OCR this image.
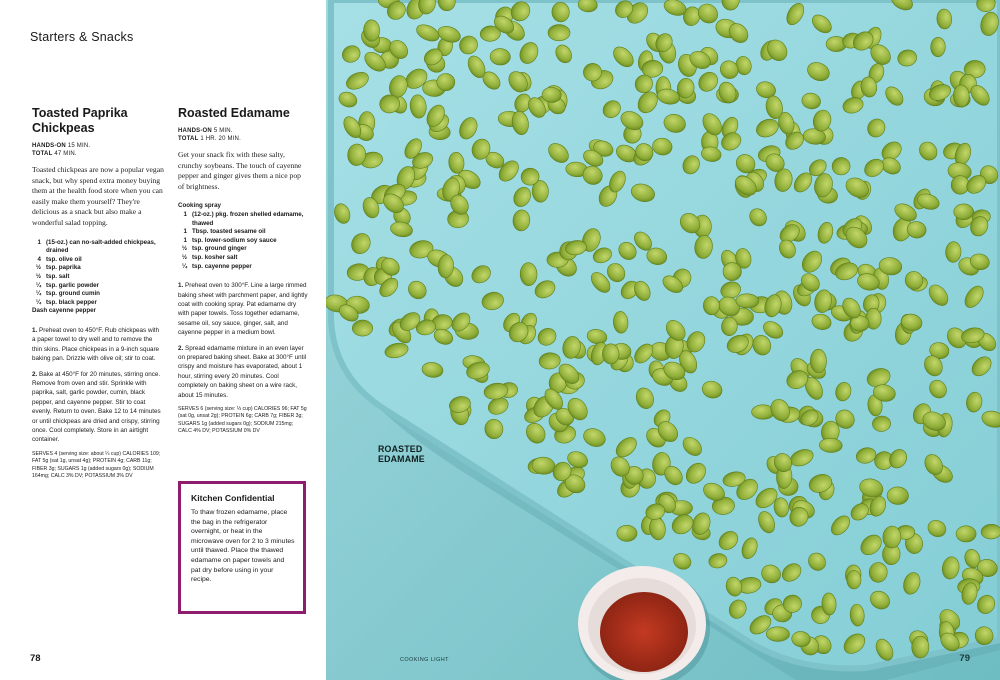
Starters & Snacks
Toasted Paprika Chickpeas
HANDS-ON 15 MIN.
TOTAL 47 MIN.

Toasted chickpeas are now a popular vegan snack, but why spend extra money buying them at the health food store when you can easily make them yourself? They're delicious as a snack but also make a wonderful salad topping.

1 (15-oz.) can no-salt-added chickpeas, drained
4 tsp. olive oil
½ tsp. paprika
½ tsp. salt
¼ tsp. garlic powder
¼ tsp. ground cumin
¼ tsp. black pepper
Dash cayenne pepper

1. Preheat oven to 450°F. Rub chickpeas with a paper towel to dry well and to remove the thin skins. Place chickpeas in a 9-inch square baking pan. Drizzle with olive oil; stir to coat.

2. Bake at 450°F for 20 minutes, stirring once. Remove from oven and stir. Sprinkle with paprika, salt, garlic powder, cumin, black pepper, and cayenne pepper. Stir to coat evenly. Return to oven. Bake 12 to 14 minutes or until chickpeas are dried and crispy, stirring once. Cool completely. Store in an airtight container.

SERVES 4 (serving size: about ¼ cup) CALORIES 109; FAT 5g (sat 1g, unsat 4g); PROTEIN 4g; CARB 11g; FIBER 3g; SUGARS 1g (added sugars 0g); SODIUM 164mg; CALC 3% DV; POTASSIUM 3% DV

Roasted Edamame
HANDS-ON 5 MIN.
TOTAL 1 HR. 20 MIN.

Get your snack fix with these salty, crunchy soybeans. The touch of cayenne pepper and ginger gives them a nice pop of brightness.

Cooking spray
1 (12-oz.) pkg. frozen shelled edamame, thawed
1 Tbsp. toasted sesame oil
1 tsp. lower-sodium soy sauce
½ tsp. ground ginger
½ tsp. kosher salt
¼ tsp. cayenne pepper

1. Preheat oven to 300°F. Line a large rimmed baking sheet with parchment paper, and lightly coat with cooking spray. Pat edamame dry with paper towels. Toss together edamame, sesame oil, soy sauce, ginger, salt, and cayenne pepper in a medium bowl.

2. Spread edamame mixture in an even layer on prepared baking sheet. Bake at 300°F until crispy and moisture has evaporated, about 1 hour, stirring every 20 minutes. Cool completely on baking sheet on a wire rack, about 15 minutes.

SERVES 6 (serving size: ⅓ cup) CALORIES 96; FAT 5g (sat 0g, unsat 2g); PROTEIN 6g; CARB 7g; FIBER 3g; SUGARS 1g (added sugars 0g); SODIUM 215mg; CALC 4% DV; POTASSIUM 0% DV

Kitchen Confidential

To thaw frozen edamame, place the bag in the refrigerator overnight, or heat in the microwave oven for 2 to 3 minutes until thawed. Place the thawed edamame on paper towels and pat dry before using in your recipe.

78
ROASTED
EDAMAME
COOKING LIGHT	79
